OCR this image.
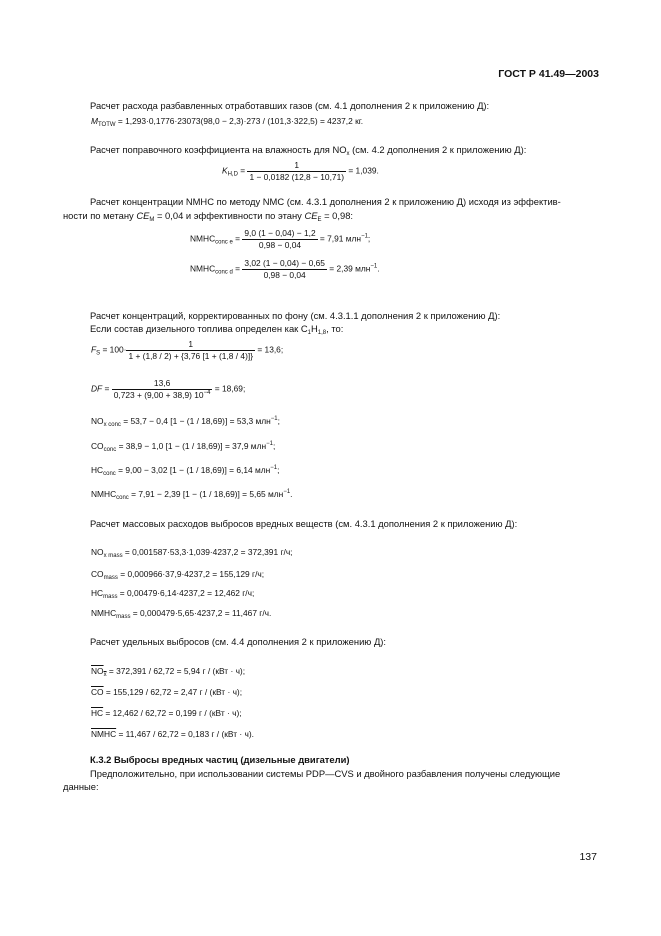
ГОСТ Р 41.49—2003
Расчет расхода разбавленных отработавших газов (см. 4.1 дополнения 2 к приложению Д):
$M_{TOTW} = 1,293\cdot 0,1776\cdot 23073(98,0 - 2,3)\cdot 273 / (101,3\cdot 322,5) = 4237,2$ кг.
Расчет поправочного коэффициента на влажность для $NO_x$ (см. 4.2 дополнения 2 к приложению Д):
$K_{H,D} = \frac{1}{1 - 0,0182 (12,8 - 10,71)} = 1,039$.
Расчет концентрации NMHC по методу NMC (см. 4.3.1 дополнения 2 к приложению Д) исходя из эффектив-
ности по метану $CE_M = 0,04$ и эффективности по этану $CE_E = 0,98$:
$NMHC_{conc e} = \frac{9,0 (1 - 0,04) - 1,2}{0,98 - 0,04} = 7,91$ млн$^{-1}$;
$NMHC_{conc d} = \frac{3,02 (1 - 0,04) - 0,65}{0,98 - 0,04} = 2,39$ млн$^{-1}$.
Расчет концентраций, корректированных по фону (см. 4.3.1.1 дополнения 2 к приложению Д):
Если состав дизельного топлива определен как $C_1H_{1,8}$, то:
$F_S = 100\cdot \frac{1}{1 + (1,8 / 2) + \{3,76 [1 + (1,8 / 4)]\}} = 13,6$;
DF = $\frac{13,6}{0,723 + (9,00 + 38,9) 10^{-4}} = 18,69$;
$NO_{x conc} = 53,7 - 0,4$ [1 − (1 / 18,69)] = 53,3 млн$^{-1}$;
$CO_{conc} = 38,9 - 1,0$ [1 − (1 / 18,69)] = 37,9 млн$^{-1}$;
$HC_{conc} = 9,00 - 3,02$ [1 − (1 / 18,69)] = 6,14 млн$^{-1}$;
$NMHC_{conc} = 7,91 - 2,39$ [1 − (1 / 18,69)] = 5,65 млн$^{-1}$.
Расчет массовых расходов выбросов вредных веществ (см. 4.3.1 дополнения 2 к приложению Д):
$NO_{x mass} = 0,001587\cdot 53,3\cdot 1,039\cdot 4237,2 = 372,391$ г/ч;
$CO_{mass} = 0,000966\cdot 37,9\cdot 4237,2 = 155,129$ г/ч;
$HC_{mass} = 0,00479\cdot 6,14\cdot 4237,2 = 12,462$ г/ч;
$NMHC_{mass} = 0,000479\cdot 5,65\cdot 4237,2 = 11,467$ г/ч.
Расчет удельных выбросов (см. 4.4 дополнения 2 к приложению Д):
$NO_x = 372,391 / 62,72 = 5,94$ г / (кВт · ч);
$\overline{CO} = 155,129 / 62,72 = 2,47$ г / (кВт · ч);
$\overline{HC} = 12,462 / 62,72 = 0,199$ г / (кВт · ч);
NMHC = 11,467 / 62,72 = 0,183 г / (кВт · ч).
К.3.2 Выбросы вредных частиц (дизельные двигатели)
Предположительно, при использовании системы PDP—CVS и двойного разбавления получены следующие
данные:
137
